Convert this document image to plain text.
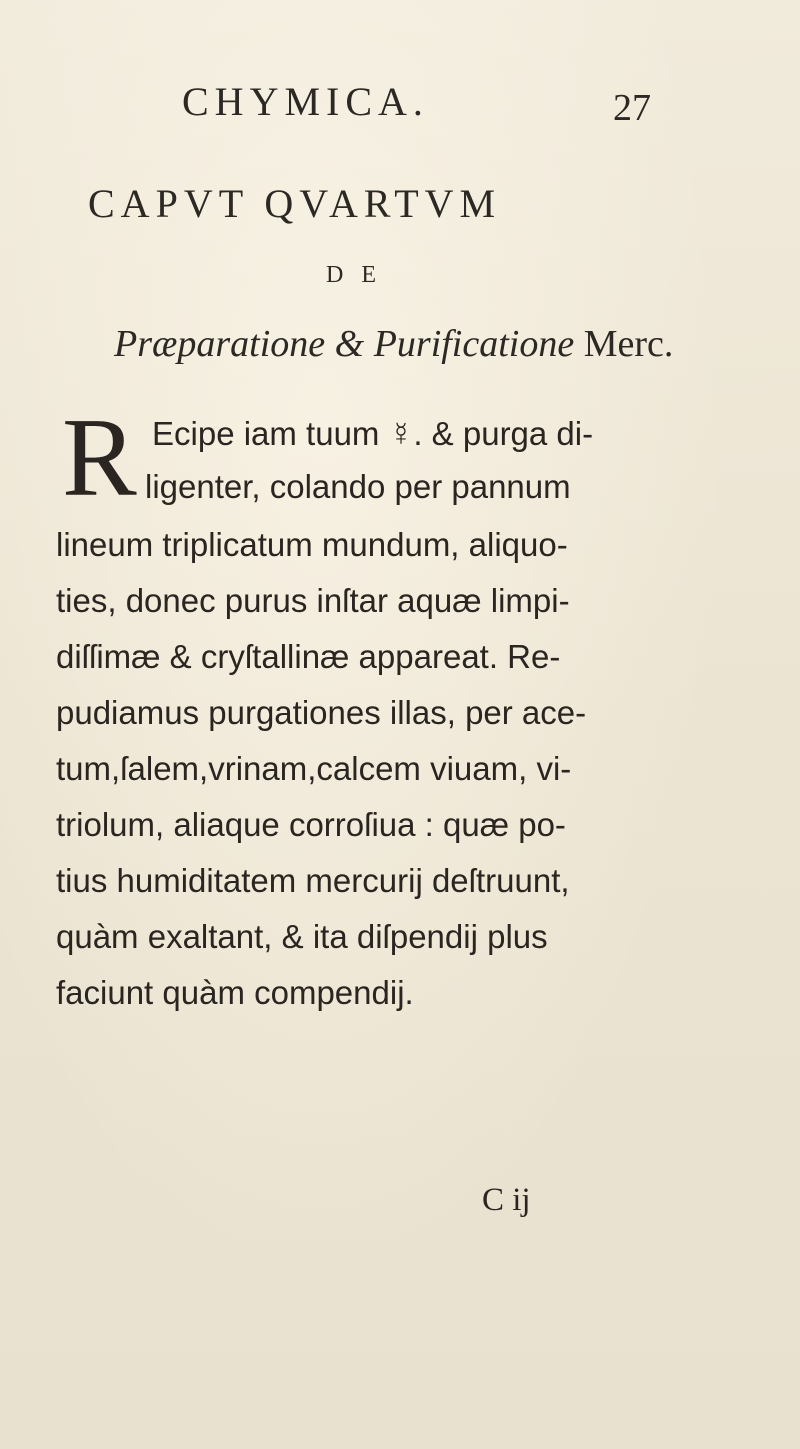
CHYMICA.	27
CAPVT QVARTVM
DE
Præparatione & Purificatione Merc.
R Ecipe iam tuum ☿. & purga di-
ligenter, colando per pannum
lineum triplicatum mundum, aliquo-
ties, donec purus inſtar aquæ limpi-
diſſimæ & cryſtallinæ appareat. Re-
pudiamus purgationes illas, per ace-
tum,ſalem,vrinam,calcem viuam, vi-
triolum, aliaque corroſiua : quæ po-
tius humiditatem mercurij deſtruunt,
quàm exaltant, & ita diſpendij plus
faciunt quàm compendij.
C ij
